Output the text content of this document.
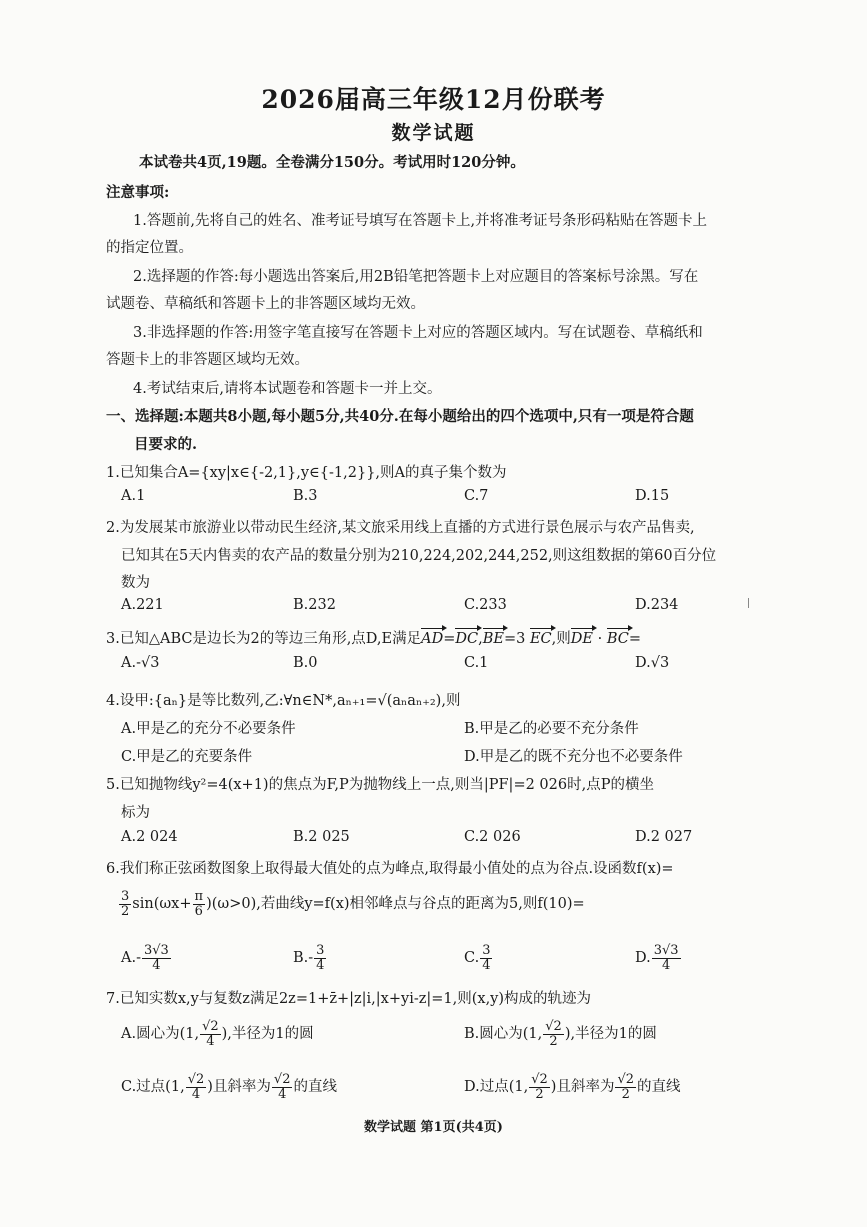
2026届高三年级12月份联考
数学试题
本试卷共4页,19题。全卷满分150分。考试用时120分钟。
注意事项:
1.答题前,先将自己的姓名、准考证号填写在答题卡上,并将准考证号条形码粘贴在答题卡上
的指定位置。
2.选择题的作答:每小题选出答案后,用2B铅笔把答题卡上对应题目的答案标号涂黑。写在
试题卷、草稿纸和答题卡上的非答题区域均无效。
3.非选择题的作答:用签字笔直接写在答题卡上对应的答题区域内。写在试题卷、草稿纸和
答题卡上的非答题区域均无效。
4.考试结束后,请将本试题卷和答题卡一并上交。
一、选择题:本题共8小题,每小题5分,共40分.在每小题给出的四个选项中,只有一项是符合题
目要求的.
1.已知集合A={xy|x∈{-2,1},y∈{-1,2}},则A的真子集个数为
A.1	B.3	C.7	D.15
2.为发展某市旅游业以带动民生经济,某文旅采用线上直播的方式进行景色展示与农产品售卖,
已知其在5天内售卖的农产品的数量分别为210,224,202,244,252,则这组数据的第60百分位
数为
A.221	B.232	C.233	D.234
3.已知△ABC是边长为2的等边三角形,点D,E满足AD=DC,BE=3 EC,则DE · BC=
A.-√3	B.0	C.1	D.√3
4.设甲:{aₙ}是等比数列,乙:∀n∈N*,aₙ₊₁=√(aₙaₙ₊₂),则
A.甲是乙的充分不必要条件	B.甲是乙的必要不充分条件
C.甲是乙的充要条件	D.甲是乙的既不充分也不必要条件
5.已知抛物线y²=4(x+1)的焦点为F,P为抛物线上一点,则当|PF|=2 026时,点P的横坐
标为
A.2 024	B.2 025	C.2 026	D.2 027
6.我们称正弦函数图象上取得最大值处的点为峰点,取得最小值处的点为谷点.设函数f(x)=
$\frac{3}{2} \sin(\omega x+ \frac{\pi}{6} )(\omega>0)$,若曲线y=f(x)相邻峰点与谷点的距离为5,则f(10)=
$A.- \frac{3√3}{4}$	$B.- \frac{3}{4}$	C. $\frac{3}{4}$	D. $\frac{3√3}{4}$
7.已知实数x,y与复数z满足2z=1+z̄+|z|i,|x+yi-z|=1,则(x,y)构成的轨迹为
A.圆心为(1, $\frac{√2}{4}$ ),半径为1的圆	B.圆心为(1, $\frac{√2}{2}$ ),半径为1的圆
C.过点(1, $\frac{√2}{4}$ )且斜率为 $\frac{√2}{4}$ 的直线	D.过点(1, $\frac{√2}{2}$ )且斜率为 $\frac{√2}{2}$ 的直线
数学试题 第1页(共4页)
